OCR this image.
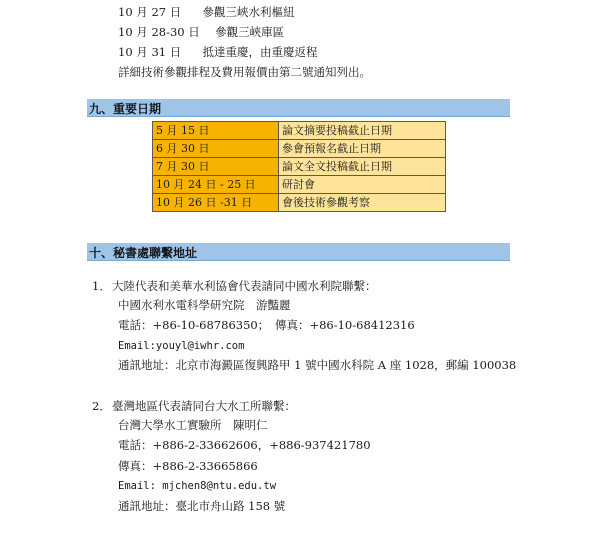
10 月 27 日 參觀三峽水利樞紐
10 月 28-30 日 參觀三峽庫區
10 月 31 日 抵達重慶，由重慶返程
詳細技術參觀排程及費用報價由第二號通知列出。
九、重要日期
5 月 15 日	論文摘要投稿截止日期
6 月 30 日	參會預報名截止日期
7 月 30 日	論文全文投稿截止日期
10 月 24 日 - 25 日	研討會
10 月 26 日 -31 日	會後技術參觀考察
十、秘書處聯繫地址
1． 大陸代表和美華水利協會代表請同中國水利院聯繫：
中國水利水電科學研究院　游豔麗
電話：+86-10-68786350；　傳真：+86-10-68412316
Email:youyl@iwhr.com
通訊地址：北京市海澱區復興路甲 1 號中國水科院 A 座 1028，郵編 100038
2． 臺灣地區代表請同台大水工所聯繫：
台灣大學水工實驗所　陳明仁
電話：+886-2-33662606，+886-937421780
傳真：+886-2-33665866
Email: mjchen8@ntu.edu.tw
通訊地址：臺北市舟山路 158 號
